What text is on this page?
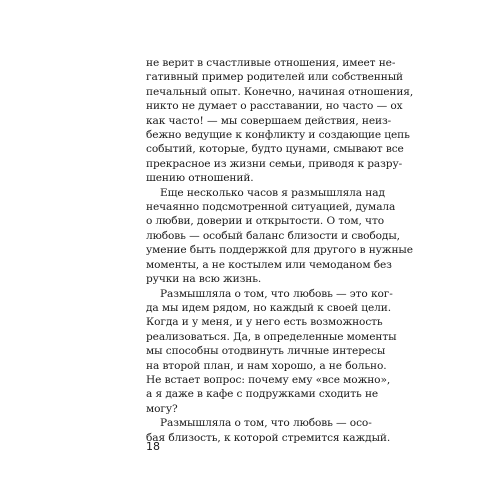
не верит в счастливые отношения, имеет не-
гативный пример родителей или собственный
печальный опыт. Конечно, начиная отношения,
никто не думает о расставании, но часто — ох
как часто! — мы совершаем действия, неиз-
бежно ведущие к конфликту и создающие цепь
событий, которые, будто цунами, смывают все
прекрасное из жизни семьи, приводя к разру-
шению отношений.

Еще несколько часов я размышляла над
нечаянно подсмотренной ситуацией, думала
о любви, доверии и открытости. О том, что
любовь — особый баланс близости и свободы,
умение быть поддержкой для другого в нужные
моменты, а не костылем или чемоданом без
ручки на всю жизнь.

Размышляла о том, что любовь — это ког-
да мы идем рядом, но каждый к своей цели.
Когда и у меня, и у него есть возможность
реализоваться. Да, в определенные моменты
мы способны отодвинуть личные интересы
на второй план, и нам хорошо, а не больно.
Не встает вопрос: почему ему «все можно»,
а я даже в кафе с подружками сходить не
могу?

Размышляла о том, что любовь — осо-
бая близость, к которой стремится каждый.

18
